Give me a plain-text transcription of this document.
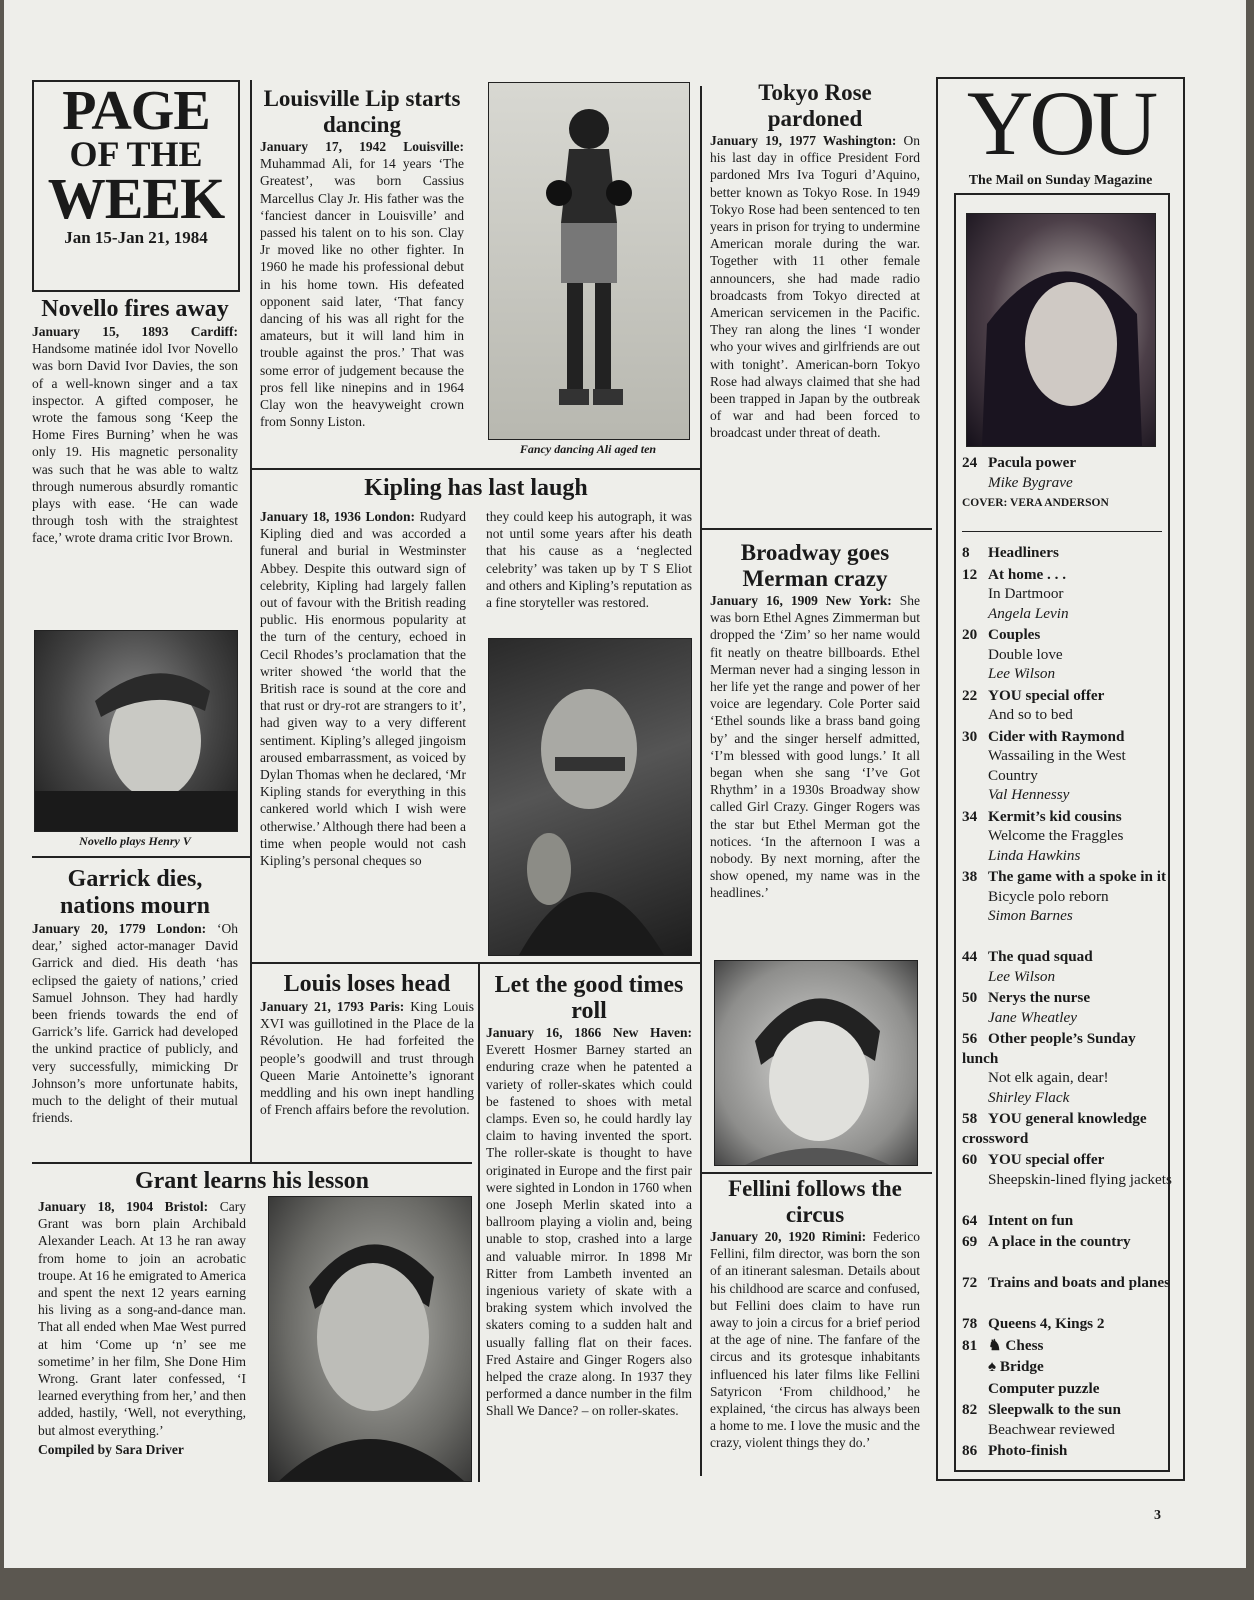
PAGE
OF THE
WEEK
Jan 15-Jan 21, 1984
Novello fires away

January 15, 1893 Cardiff: Handsome matinée idol Ivor Novello was born David Ivor Davies, the son of a well-known singer and a tax inspector. A gifted composer, he wrote the famous song ‘Keep the Home Fires Burning’ when he was only 19. His magnetic personality was such that he was able to waltz through numerous absurdly romantic plays with ease. ‘He can wade through tosh with the straightest face,’ wrote drama critic Ivor Brown.

Novello plays Henry V
Garrick dies, nations mourn

January 20, 1779 London: ‘Oh dear,’ sighed actor-manager David Garrick and died. His death ‘has eclipsed the gaiety of nations,’ cried Samuel Johnson. They had hardly been friends towards the end of Garrick’s life. Garrick had developed the unkind practice of publicly, and very successfully, mimicking Dr Johnson’s more unfortunate habits, much to the delight of their mutual friends.

Louisville Lip starts dancing

January 17, 1942 Louisville: Muhammad Ali, for 14 years ‘The Greatest’, was born Cassius Marcellus Clay Jr. His father was the ‘fanciest dancer in Louisville’ and passed his talent on to his son. Clay Jr moved like no other fighter. In 1960 he made his professional debut in his home town. His defeated opponent said later, ‘That fancy dancing of his was all right for the amateurs, but it will land him in trouble against the pros.’ That was some error of judgement because the pros fell like ninepins and in 1964 Clay won the heavyweight crown from Sonny Liston.

Fancy dancing Ali aged ten
Kipling has last laugh

January 18, 1936 London: Rudyard Kipling died and was accorded a funeral and burial in Westminster Abbey. Despite this outward sign of celebrity, Kipling had largely fallen out of favour with the British reading public. His enormous popularity at the turn of the century, echoed in Cecil Rhodes’s proclamation that the writer showed ‘the world that the British race is sound at the core and that rust or dry-rot are strangers to it’, had given way to a very different sentiment. Kipling’s alleged jingoism aroused embarrassment, as voiced by Dylan Thomas when he declared, ‘Mr Kipling stands for everything in this cankered world which I wish were otherwise.’ Although there had been a time when people would not cash Kipling’s personal cheques so

they could keep his autograph, it was not until some years after his death that his cause as a ‘neglected celebrity’ was taken up by T S Eliot and others and Kipling’s reputation as a fine storyteller was restored.

Louis loses head

January 21, 1793 Paris: King Louis XVI was guillotined in the Place de la Révolution. He had forfeited the people’s goodwill and trust through Queen Marie Antoinette’s ignorant meddling and his own inept handling of French affairs before the revolution.

Let the good times roll

January 16, 1866 New Haven: Everett Hosmer Barney started an enduring craze when he patented a variety of roller-skates which could be fastened to shoes with metal clamps. Even so, he could hardly lay claim to having invented the sport. The roller-skate is thought to have originated in Europe and the first pair were sighted in London in 1760 when one Joseph Merlin skated into a ballroom playing a violin and, being unable to stop, crashed into a large and valuable mirror. In 1898 Mr Ritter from Lambeth invented an ingenious variety of skate with a braking system which involved the skaters coming to a sudden halt and usually falling flat on their faces. Fred Astaire and Ginger Rogers also helped the craze along. In 1937 they performed a dance number in the film Shall We Dance? – on roller-skates.

Grant learns his lesson

January 18, 1904 Bristol: Cary Grant was born plain Archibald Alexander Leach. At 13 he ran away from home to join an acrobatic troupe. At 16 he emigrated to America and spent the next 12 years earning his living as a song-and-dance man. That all ended when Mae West purred at him ‘Come up ‘n’ see me sometime’ in her film, She Done Him Wrong. Grant later confessed, ‘I learned everything from her,’ and then added, hastily, ‘Well, not everything, but almost everything.’

Compiled by Sara Driver

Tokyo Rose pardoned

January 19, 1977 Washington: On his last day in office President Ford pardoned Mrs Iva Toguri d’Aquino, better known as Tokyo Rose. In 1949 Tokyo Rose had been sentenced to ten years in prison for trying to undermine American morale during the war. Together with 11 other female announcers, she had made radio broadcasts from Tokyo directed at American servicemen in the Pacific. They ran along the lines ‘I wonder who your wives and girlfriends are out with tonight’. American-born Tokyo Rose had always claimed that she had been trapped in Japan by the outbreak of war and had been forced to broadcast under threat of death.

Broadway goes Merman crazy

January 16, 1909 New York: She was born Ethel Agnes Zimmerman but dropped the ‘Zim’ so her name would fit neatly on theatre billboards. Ethel Merman never had a singing lesson in her life yet the range and power of her voice are legendary. Cole Porter said ‘Ethel sounds like a brass band going by’ and the singer herself admitted, ‘I’m blessed with good lungs.’ It all began when she sang ‘I’ve Got Rhythm’ in a 1930s Broadway show called Girl Crazy. Ginger Rogers was the star but Ethel Merman got the notices. ‘In the afternoon I was a nobody. By next morning, after the show opened, my name was in the headlines.’

Fellini follows the circus

January 20, 1920 Rimini: Federico Fellini, film director, was born the son of an itinerant salesman. Details about his childhood are scarce and confused, but Fellini does claim to have run away to join a circus for a brief period at the age of nine. The fanfare of the circus and its grotesque inhabitants influenced his later films like Fellini Satyricon ‘From childhood,’ he explained, ‘the circus has always been a home to me. I love the music and the crazy, violent things they do.’

YOU
The Mail on Sunday Magazine
24 Pacula power
Mike Bygrave
COVER: VERA ANDERSON
8 Headliners
12 At home . . .
In Dartmoor
Angela Levin
20 Couples
Double love
Lee Wilson
22 YOU special offer
And so to bed
30 Cider with Raymond
Wassailing in the West Country
Val Hennessy
34 Kermit’s kid cousins
Welcome the Fraggles
Linda Hawkins
38 The game with a spoke in it
Bicycle polo reborn
Simon Barnes
44 The quad squad
Lee Wilson
50 Nerys the nurse
Jane Wheatley
56 Other people’s Sunday lunch
Not elk again, dear!
Shirley Flack
58 YOU general knowledge crossword
60 YOU special offer
Sheepskin-lined flying jackets
64 Intent on fun
69 A place in the country
72 Trains and boats and planes
78 Queens 4, Kings 2
81 ♞ Chess
♠ Bridge
Computer puzzle
82 Sleepwalk to the sun
Beachwear reviewed
86 Photo-finish
3
